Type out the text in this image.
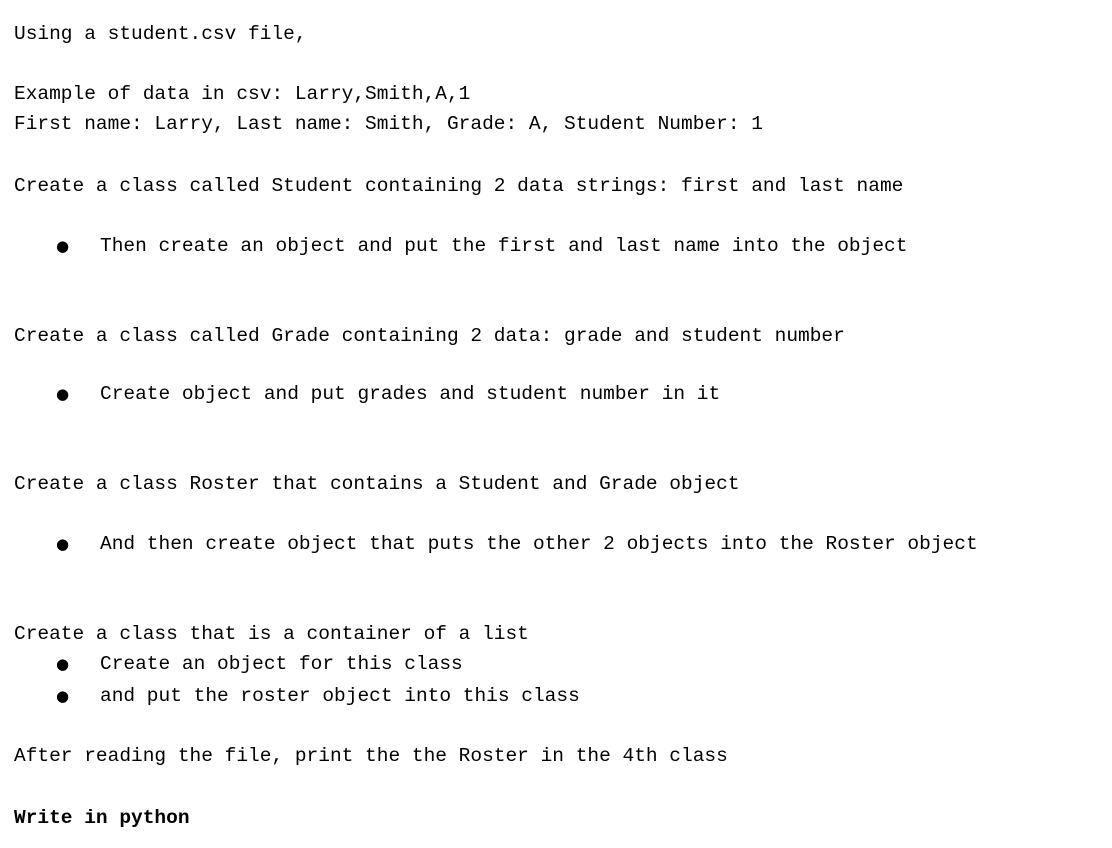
Using a student.csv file,
Example of data in csv: Larry,Smith,A,1
First name: Larry, Last name: Smith, Grade: A, Student Number: 1
Create a class called Student containing 2 data strings: first and last name

●

Then create an object and put the first and last name into the object

Create a class called Grade containing 2 data: grade and student number

●

Create object and put grades and student number in it

Create a class Roster that contains a Student and Grade object

●

And then create object that puts the other 2 objects into the Roster object

Create a class that is a container of a list

●

Create an object for this class

●

and put the roster object into this class

After reading the file, print the the Roster in the 4th class
Write in python
